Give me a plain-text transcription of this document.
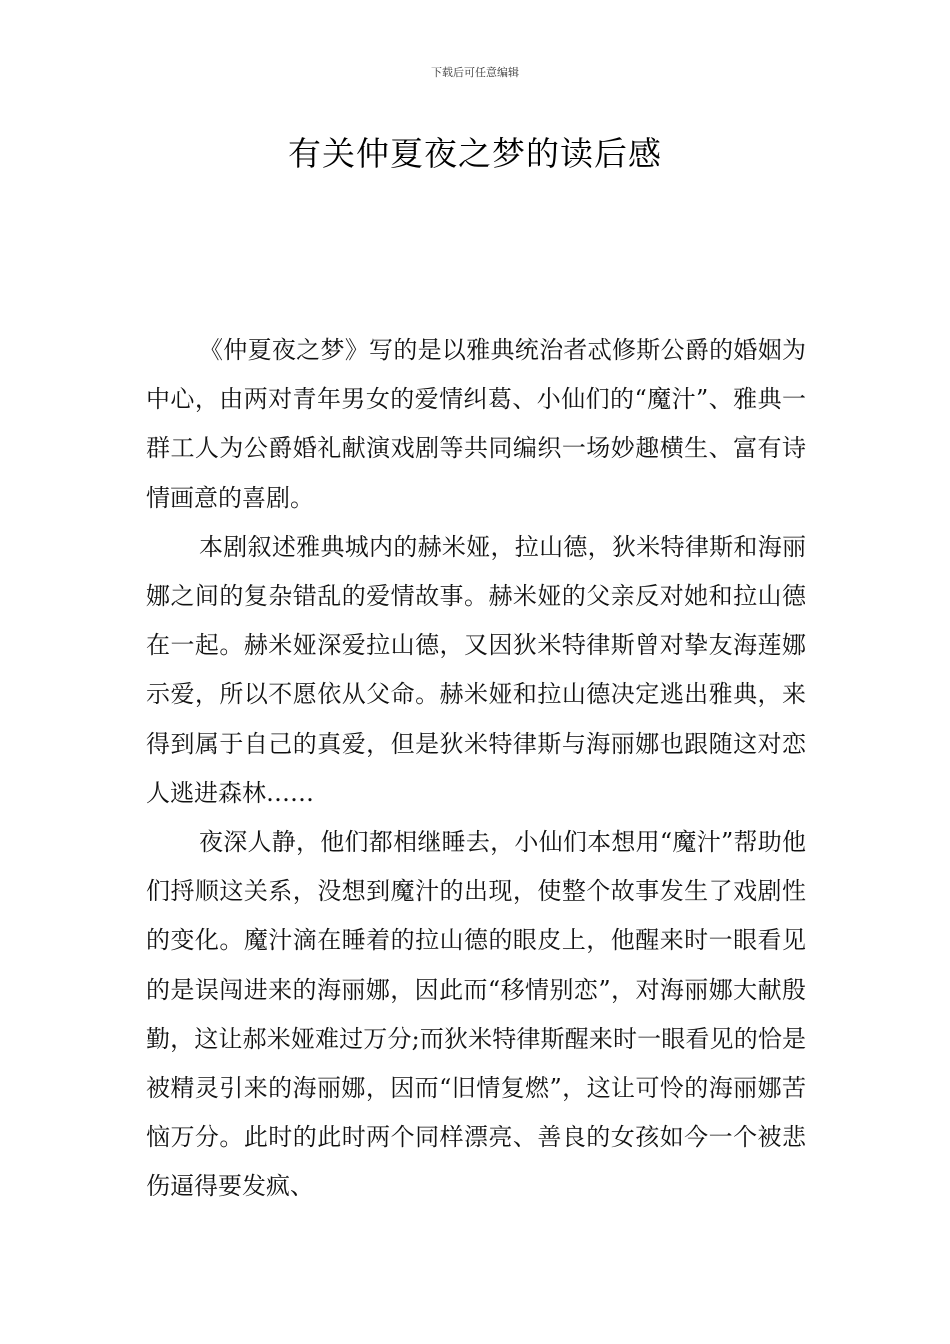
下载后可任意编辑
有关仲夏夜之梦的读后感

《仲夏夜之梦》写的是以雅典统治者忒修斯公爵的婚姻为中心，由两对青年男女的爱情纠葛、小仙们的“魔汁”、雅典一群工人为公爵婚礼献演戏剧等共同编织一场妙趣横生、富有诗情画意的喜剧。

本剧叙述雅典城内的赫米娅，拉山德，狄米特律斯和海丽娜之间的复杂错乱的爱情故事。赫米娅的父亲反对她和拉山德在一起。赫米娅深爱拉山德，又因狄米特律斯曾对挚友海莲娜示爱，所以不愿依从父命。赫米娅和拉山德决定逃出雅典，来得到属于自己的真爱，但是狄米特律斯与海丽娜也跟随这对恋人逃进森林……

夜深人静，他们都相继睡去，小仙们本想用“魔汁”帮助他们捋顺这关系，没想到魔汁的出现，使整个故事发生了戏剧性的变化。魔汁滴在睡着的拉山德的眼皮上，他醒来时一眼看见的是误闯进来的海丽娜，因此而“移情别恋”，对海丽娜大献殷勤，这让郝米娅难过万分;而狄米特律斯醒来时一眼看见的恰是被精灵引来的海丽娜，因而“旧情复燃”，这让可怜的海丽娜苦恼万分。此时的此时两个同样漂亮、善良的女孩如今一个被悲伤逼得要发疯、
